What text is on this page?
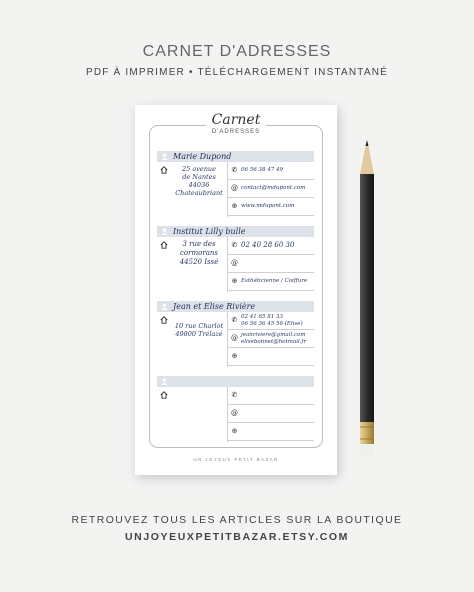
CARNET D'ADRESSES
PDF À IMPRIMER • TÉLÉCHARGEMENT INSTANTANÉ
Carnet
D'ADRESSES
Marie Dupond
25 avenue
de Nantes
44036
Chateaubriant
✆ 06 56 38 47 49
@ contact@mdupont.com
⊕ www.mdupont.com
Institut Lilly bulle
3 rue des
cormorans
44520 Issé
✆ 02 40 28 60 30
@
⊕ Esthéticienne / Coiffure
Jean et Elise Rivière
10 rue Charlot
49800 Trélazé
✆ 02 41 65 81 33
06 56 36 45 56 (Elise)
@ jeanriviere@gmail.com
elisebonnet@hotmail.fr
⊕
✆
@
⊕
UN JOYEUX PETIT BAZAR
RETROUVEZ TOUS LES ARTICLES SUR LA BOUTIQUE
UNJOYEUXPETITBAZAR.ETSY.COM
